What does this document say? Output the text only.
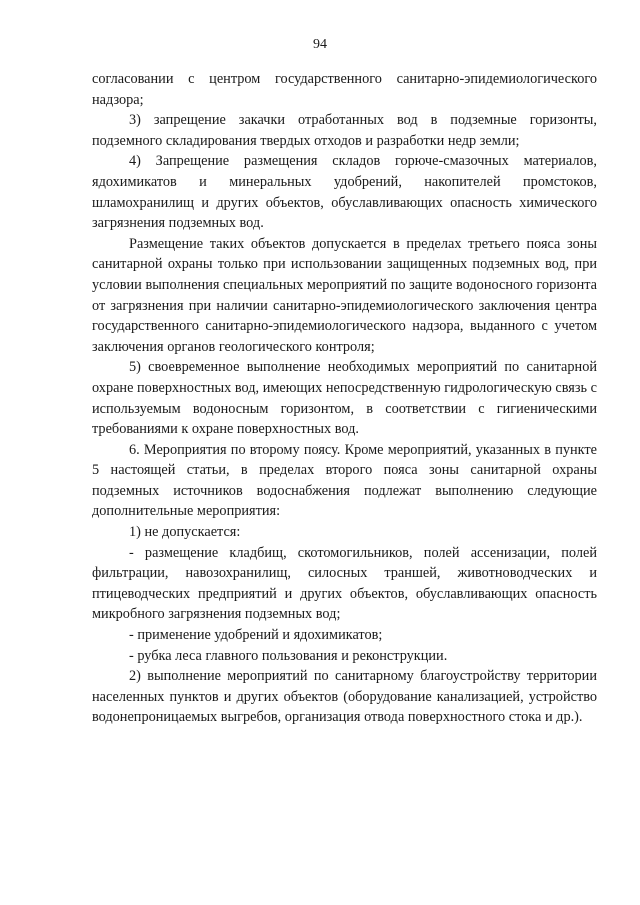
94

согласовании с центром государственного санитарно-эпидемиологического надзора;

3) запрещение закачки отработанных вод в подземные горизонты, подземного складирования твердых отходов и разработки недр земли;

4) Запрещение размещения складов горюче-смазочных материалов, ядохимикатов и минеральных удобрений, накопителей промстоков, шламохранилищ и других объектов, обуславливающих опасность химического загрязнения подземных вод.

Размещение таких объектов допускается в пределах третьего пояса зоны санитарной охраны только при использовании защищенных подземных вод, при условии выполнения специальных мероприятий по защите водоносного горизонта от загрязнения при наличии санитарно-эпидемиологического заключения центра государственного санитарно-эпидемиологического надзора, выданного с учетом заключения органов геологического контроля;

5) своевременное выполнение необходимых мероприятий по санитарной охране поверхностных вод, имеющих непосредственную гидрологическую связь с используемым водоносным горизонтом, в соответствии с гигиеническими требованиями к охране поверхностных вод.

6. Мероприятия по второму поясу. Кроме мероприятий, указанных в пункте 5 настоящей статьи, в пределах второго пояса зоны санитарной охраны подземных источников водоснабжения подлежат выполнению следующие дополнительные мероприятия:

1) не допускается:

- размещение кладбищ, скотомогильников, полей ассенизации, полей фильтрации, навозохранилищ, силосных траншей, животноводческих и птицеводческих предприятий и других объектов, обуславливающих опасность микробного загрязнения подземных вод;

- применение удобрений и ядохимикатов;

- рубка леса главного пользования и реконструкции.

2) выполнение мероприятий по санитарному благоустройству территории населенных пунктов и других объектов (оборудование канализацией, устройство водонепроницаемых выгребов, организация отвода поверхностного стока и др.).
